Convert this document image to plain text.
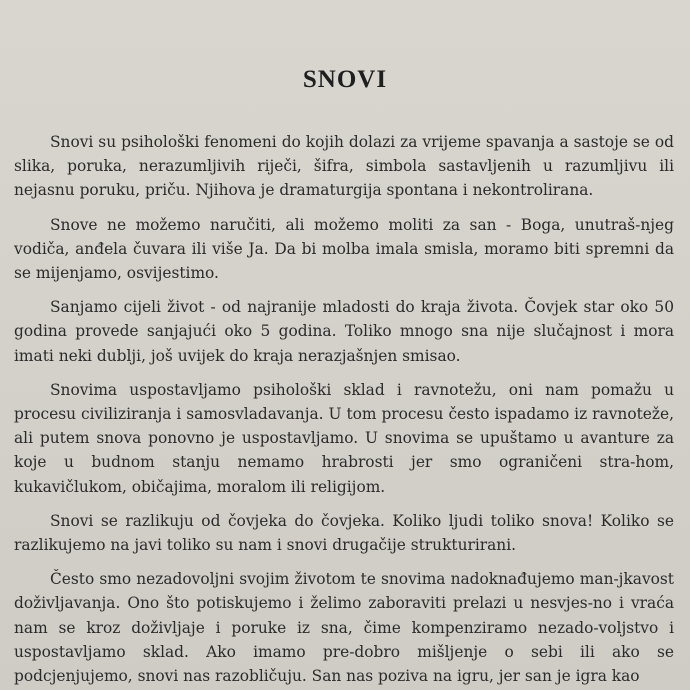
SNOVI

Snovi su psihološki fenomeni do kojih dolazi za vrijeme spavanja a sastoje se od slika, poruka, nerazumljivih riječi, šifra, simbola sastavljenih u razumljivu ili nejasnu poruku, priču. Njihova je dramaturgija spontana i nekontrolirana.

Snove ne možemo naručiti, ali možemo moliti za san - Boga, unutraš-njeg vodiča, anđela čuvara ili više Ja. Da bi molba imala smisla, moramo biti spremni da se mijenjamo, osvijestimo.

Sanjamo cijeli život - od najranije mladosti do kraja života. Čovjek star oko 50 godina provede sanjajući oko 5 godina. Toliko mnogo sna nije slučajnost i mora imati neki dublji, još uvijek do kraja nerazjašnjen smisao.

Snovima uspostavljamo psihološki sklad i ravnotežu, oni nam pomažu u procesu civiliziranja i samosvladavanja. U tom procesu često ispadamo iz ravnoteže, ali putem snova ponovno je uspostavljamo. U snovima se upuštamo u avanture za koje u budnom stanju nemamo hrabrosti jer smo ograničeni stra-hom, kukavičlukom, običajima, moralom ili religijom.

Snovi se razlikuju od čovjeka do čovjeka. Koliko ljudi toliko snova! Koliko se razlikujemo na javi toliko su nam i snovi drugačije strukturirani.

Često smo nezadovoljni svojim životom te snovima nadoknađujemo man-jkavost doživljavanja. Ono što potiskujemo i želimo zaboraviti prelazi u nesvjes-no i vraća nam se kroz doživljaje i poruke iz sna, čime kompenziramo nezado-voljstvo i uspostavljamo sklad. Ako imamo pre-dobro mišljenje o sebi ili ako se podcjenjujemo, snovi nas razobličuju. San nas poziva na igru, jer san je igra kao
